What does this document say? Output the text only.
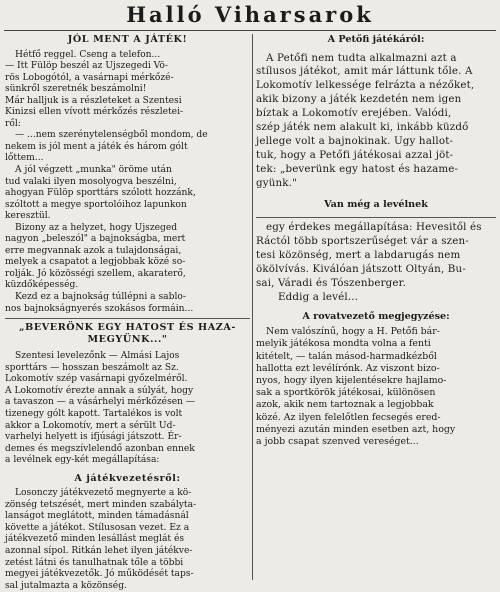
Halló Viharsarok
JÓL MENT A JÁTÉK!
Hétfő reggel. Cseng a telefon...
— Itt Fülöp beszél az Ujszegedi Vö-
rös Lobogótól, a vasárnapi mérkőzé-
sünkről szeretnék beszámolni!
Már halljuk is a részleteket a Szentesi
Kinizsi ellen vívott mérkőzés részletei-
ről:
— ...nem szerénytelenségből mondom, de
nekem is jól ment a játék és három gólt
lőttem...
A jól végzett „munka" öröme után
tud valaki ilyen mosolyogva beszélni,
ahogyan Fülöp sporttárs szólott hozzánk,
szóltott a megye sportolóihoz lapunkon
keresztül.
Bizony az a helyzet, hogy Ujszeged
nagyon „beleszól" a bajnokságba, mert
erre megvannak azok a tulajdonságai,
melyek a csapatot a legjobbak közé so-
rolják. Jó közösségi szellem, akaraterő,
küzdőképesség.
Kezd ez a bajnokság túllépni a sablo-
nos bajnokságnyerés szokásos formáin...
„BEVERÖNK EGY HATOST ÉS HAZA-
MEGYÜNK..."
Szentesi levelezőnk — Almási Lajos
sporttárs — hosszan beszámolt az Sz.
Lokomotív szép vasárnapi győzelméről.
A Lokomotív érezte annak a súlyát, hogy
a tavaszon — a vásárhelyi mérkőzésen —
tizenegy gólt kapott. Tartalékos is volt
akkor a Lokomotív, mert a sérült Ud-
varhelyi helyett is ifjúsági játszott. Ér-
demes és megszívlelendő azonban ennek
a levélnek egy-két megállapítása:
A játékvezetésről:
Losonczy játékvezető megnyerte a kö-
zönség tetszését, mert minden szabálytа-
lanságot meglátott, minden támadásnál
követte a játékot. Stílusosan vezet. Ez a
játékvezető minden lesállást meglát és
azonnal sípol. Ritkán lehet ilyen játékve-
zetést látni és tanulhatnak tőle a többi
megyei játékvezetők. Jó működését taps-
sal jutalmazta a közönség.
A Petőfi játékáról:
A Petőfi nem tudta alkalmazni azt a
stílusos játékot, amit már láttunk tőle. A
Lokomotív lelkessége felrázta a nézőket,
akik bizony a játék kezdetén nem igen
bíztak a Lokomotív erejében. Valódi,
szép játék nem alakult ki, inkább küzdő
jellege volt a bajnokinak. Ugy hallot-
tuk, hogy a Petőfi játékosai azzal jöt-
tek: „beverünk egy hatost és hazame-
gyünk."
Van még a levélnek
egy érdekes megállapítása: Hevesitől és
Ráctól több sportszerűséget vár a szen-
tesi közönség, mert a labdarugás nem
ökölvívás. Kiválóan játszott Oltyán, Bu-
sai, Váradi és Tószenberger.
Eddig a levél...
A rovatvezető megjegyzése:
Nem valószínű, hogy a H. Petőfi bár-
melyik játékosa mondta volna a fenti
kitételt, — talán másod-harmadkézből
hallotta ezt levélírónk. Az viszont bizo-
nyos, hogy ilyen kijelentésekre hajlamo-
sak a sportkörök játékosai, különösen
azok, akik nem tartoznak a legjobbak
közé. Az ilyen felelőtlen fecsegés ered-
ményezi azután minden esetben azt, hogy
a jobb csapat szenved vereséget...
